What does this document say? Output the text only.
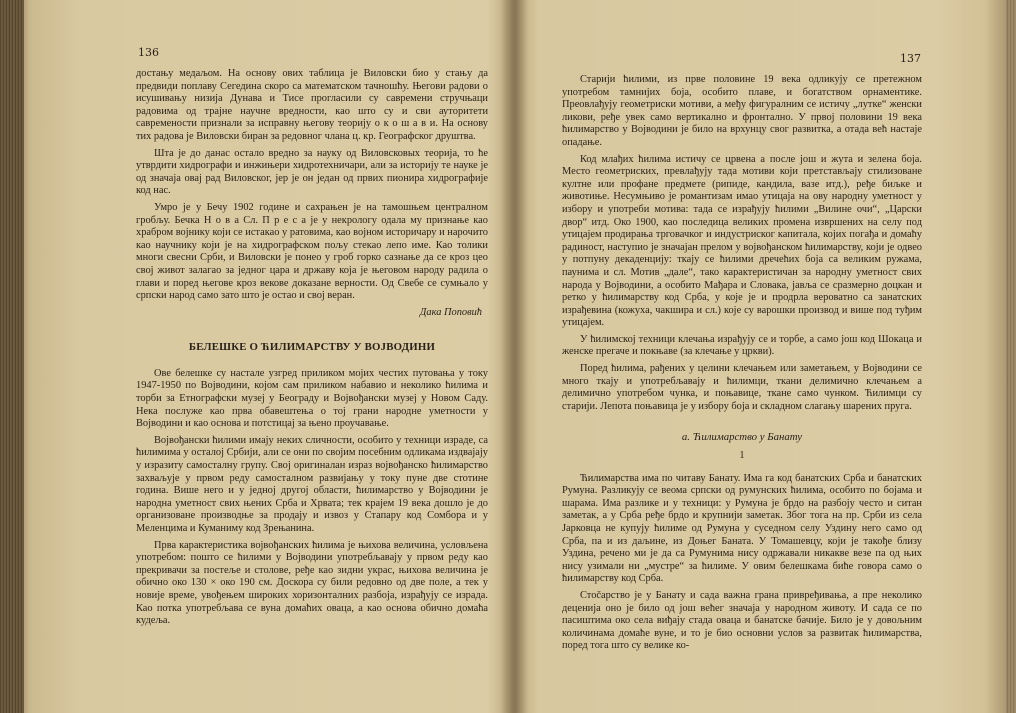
136

достању медаљом. На основу ових таблица је Виловски био у стању да предвиди поплаву Сегедина скоро са математском тачношћу. Његови радови о исушивању низија Дунава и Тисе прогласили су савремени стручњаци радовима од трајне научне вредности, као што су и сви аутoритети савремености признали за исправну његову теорију о к о ш а в и. На основу тих радова је Виловски биран за редовног члана ц. кр. Географског друштва.

Шта је до данас остало вредно за науку од Виловсковых теорија, то ће утврдити хидрографи и инжињери хидротехничари, али за историју те науке је од значаја овај рад Виловског, јер је он један од првих пионира хидрографије код нас.

Умро је у Бечу 1902 године и сахрањен је на тамошњем централном гробљу. Бечка Н о в а Сл. П р е с а је у некрологу одала му признање као храбром војнику који се истакао у ратовима, као војном историчару и нарочито као научнику који је на хидрографском пољу стекао лепо име. Као толики многи свесни Срби, и Виловски је понео у гроб горко сазнање да се кроз цео свој живот залагао за једног цара и државу која је његовом народу радила о глави и поред његове кроз векове доказане верности. Од Свебе се сумњало у српски народ само зато што је остао и свој веран.

Дака Поповић
БЕЛЕШКЕ О ЋИЛИМАРСТВУ У ВОЈВОДИНИ

Ове белешке су настале узгред приликом мојих честих путовања у току 1947-1950 по Војводини, којом сам приликом набавио и неколико ћилима и торби за Етнографски музеј у Београду и Војвођански музеј у Новом Саду. Нека послуже као прва обавештења о тој грани народне уметности у Војводини и као основа и потстицај за њено проучавање.

Војвођански ћилими имају неких сличности, особито у техници израде, са ћилимима у осталој Србији, али се они по својим посебним одликама издвајају у изразиту самосталну групу. Свој оригиналан израз војвођанско ћилимарство захваљује у првом реду самосталном развијању у току пуне две стотине година. Више него и у једној другој области, ћилимарство у Војводини је народна уметност свих њених Срба и Хрвата; тек крајем 19 века дошло је до организоване производње за продају и извоз у Стапару код Сомбора и у Меленцима и Куманиму код Зрењанина.

Прва карактеристика војвођанских ћилима је њихова величина, условљена употребом: пошто се ћилими у Војводини употребљавају у првом реду као прекривачи за постеље и столове, ређе као зидни украс, њихова величина је обично око 130 × око 190 см. Доскора су били редовно од две поле, а тек у новије време, увођењем широких хоризонталних разбоја, израђују се израда. Као потка употребљава се вуна домаћих оваца, а као основа обично домаћа кудеља.

137

Старији ћилими, из прве половине 19 века одликују се претежном употребом тамнијих боја, особито плаве, и богатством орнаментике. Преовлађују геометриски мотиви, а међу фигуралним се истичу „лутке“ женски ликови, ређе увек само вертикално и фронтално. У првој половини 19 века ћилимарство у Војводини је било на врхунцу свог развитка, а отада већ настаје опадање.

Код млађих ћилима истичу се црвена а после још и жута и зелена боја. Место геометриских, превлађују тада мотиви који претстављају стилизоване култне или профане предмете (рипиде, кандила, вазе итд.), ређе биљке и животиње. Несумњиво је романтизам имао утицаја на ову народну уметност у избору и употреби мотива: тада се израђују ћилими „Вилине очи“, „Царски двор“ итд. Око 1900, као последица великих промена извршених на селу под утицајем продирања трговачког и индустриског капитала, којих погађа и домаћу радиност, наступио је значајан прелом у војвођанском ћилимарству, који је одвео у потпуну декаденцију: ткају се ћилими дречећих боја са великим ружама, паунима и сл. Мотив „дале“, тако карактеристичан за народну уметност свих народа у Војводини, а особито Мађара и Словака, јавља се сразмерно доцкан и ретко у ћилимарству код Срба, у које је и продрла вероватно са занатских израђевина (кожуха, чакшира и сл.) које су варошки производ и више под туђим утицајем.

У ћилимској техници клечања израђују се и торбе, а само још код Шокаца и женске прегаче и покњаве (за клечање у цркви).

Поред ћилима, рађених у целини клечањем или заметањем, у Војводини се много ткају и употребљавају и ћилимци, ткани делимично клечањем а делимично употребом чунка, и поњавице, ткане само чунком. Ћилимци су старији. Лепота поњавица је у избору боја и складном слагању шарених пруга.

а. Ћилимарство у Банату
1

Ћилимарства има по читаву Банату. Има га код банатских Срба и банатских Румуна. Разликују се веома српски од румунских ћилима, особито по бојама и шарама. Има разлике и у техници: у Румуна је брдо на разбоју често и ситан заметак, а у Срба ређе брдо и крупнији заметак. Због тога на пр. Срби из села Јарковца не купују ћилиме од Румуна у суседном селу Уздину него само од Срба, па и из даљине, из Доњег Баната. У Томашевцу, који је такође близу Уздина, речено ми је да са Румунима нису одржавали никакве везе па од њих нису узимали ни „мустре“ за ћилиме. У овим белешкама биће говора само о ћилимарству код Срба.

Стоčарство је у Банату и сада важна грана привређивања, а пре неколико деценија оно је било од још већег значаја у народном животу. И сада се по пасиштима око села виђају стада оваца и банатске бачије. Било је у довољним количинама домаће вуне, и то је био основни услов за развитак ћилимарства, поред тога што су велике ко-
